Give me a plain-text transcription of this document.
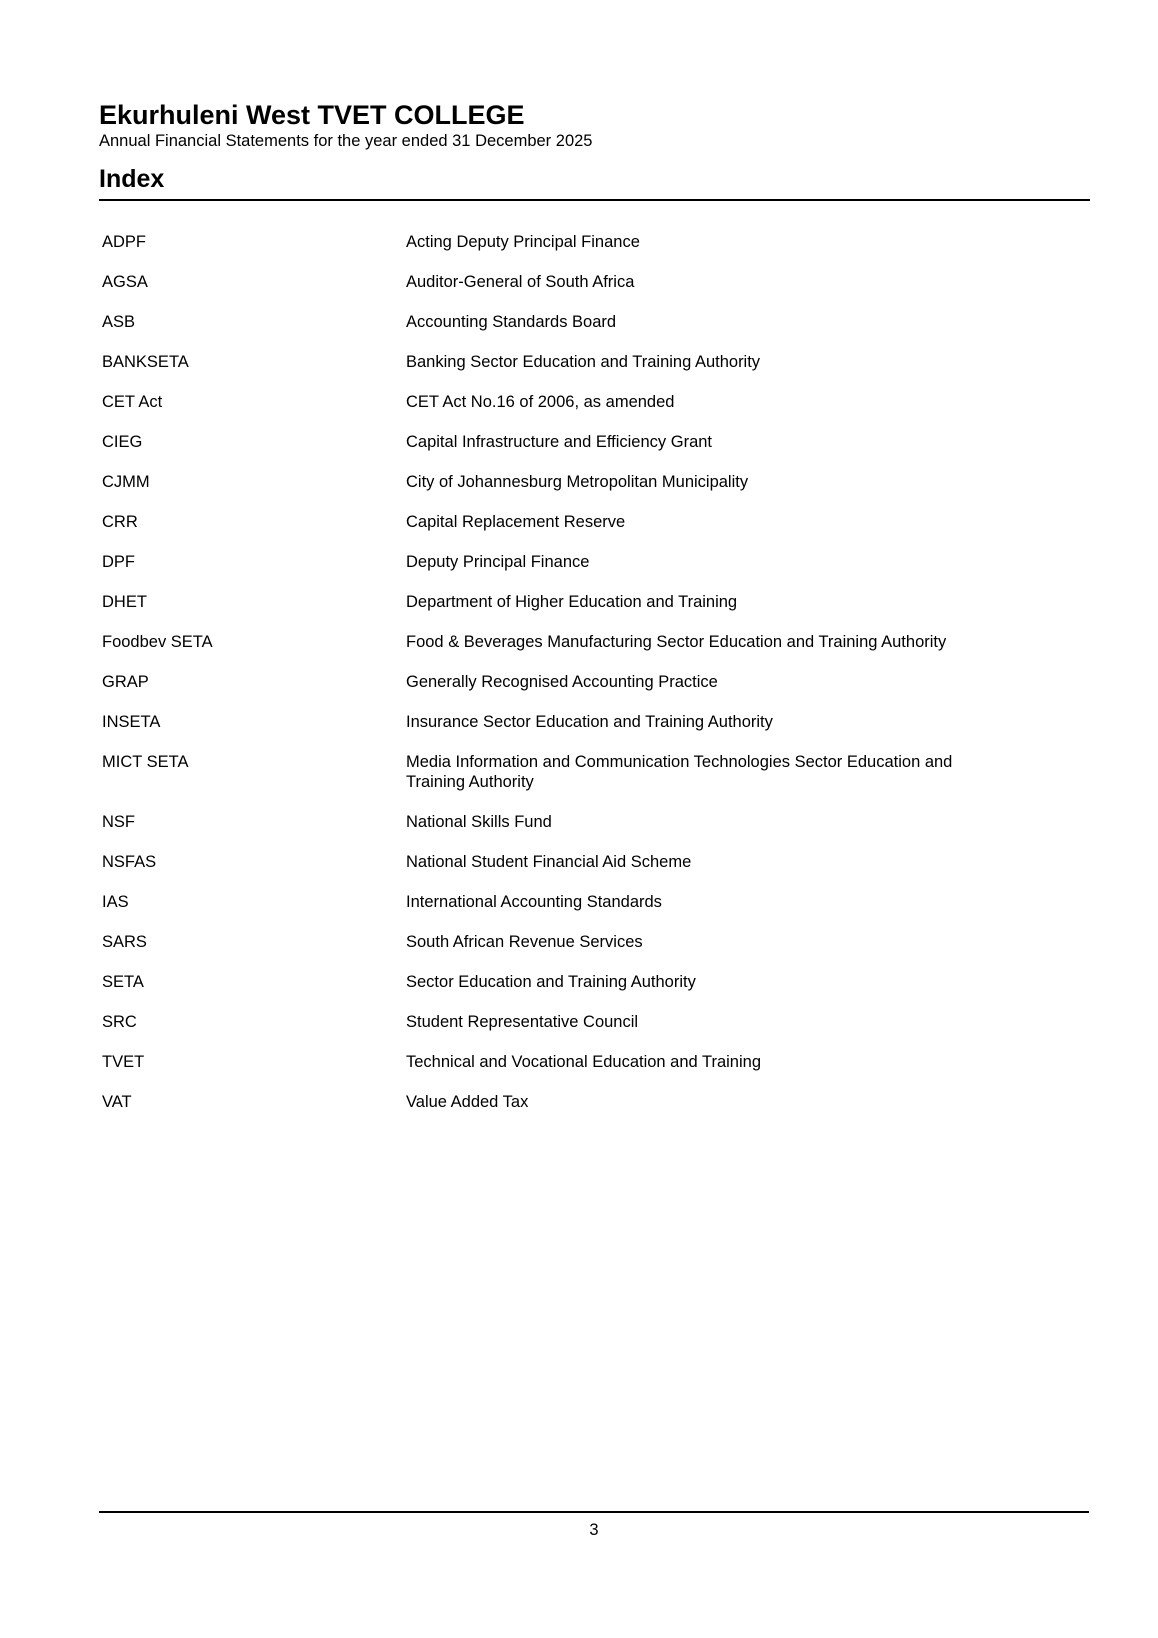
Ekurhuleni West TVET COLLEGE
Annual Financial Statements for the year ended 31 December 2025
Index
ADPF	Acting Deputy Principal Finance
AGSA	Auditor-General of South Africa
ASB	Accounting Standards Board
BANKSETA	Banking Sector Education and Training Authority
CET Act	CET Act No.16 of 2006, as amended
CIEG	Capital Infrastructure and Efficiency Grant
CJMM	City of Johannesburg Metropolitan Municipality
CRR	Capital Replacement Reserve
DPF	Deputy Principal Finance
DHET	Department of Higher Education and Training
Foodbev SETA	Food & Beverages Manufacturing Sector Education and Training Authority
GRAP	Generally Recognised Accounting Practice
INSETA	Insurance Sector Education and Training Authority
MICT SETA	Media Information and Communication Technologies Sector Education and Training Authority
NSF	National Skills Fund
NSFAS	National Student Financial Aid Scheme
IAS	International Accounting Standards
SARS	South African Revenue Services
SETA	Sector Education and Training Authority
SRC	Student Representative Council
TVET	Technical and Vocational Education and Training
VAT	Value Added Tax
3
